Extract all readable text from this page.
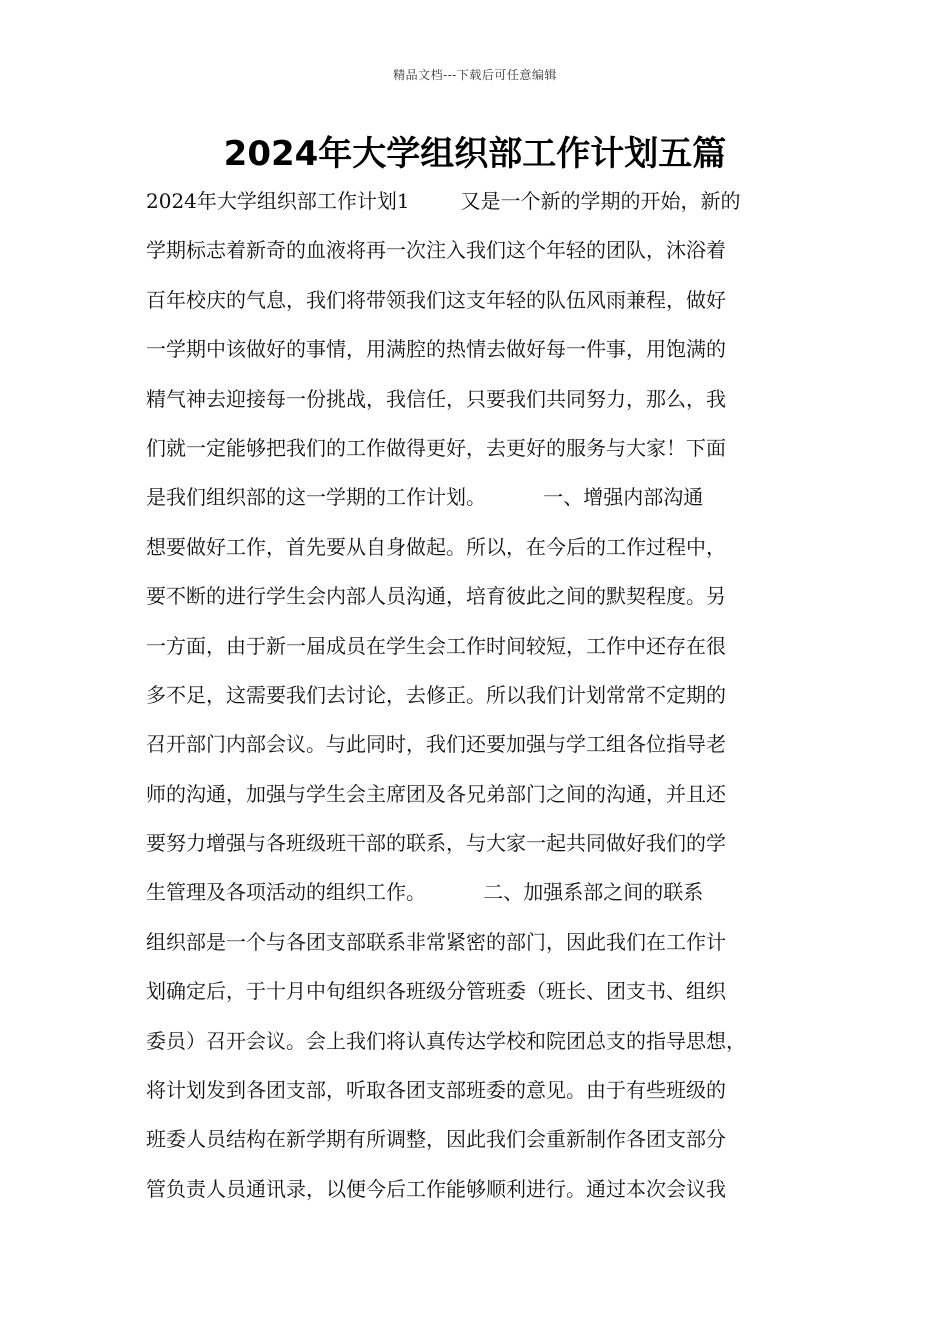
精品文档---下载后可任意编辑
2024年大学组织部工作计划五篇
2024年大学组织部工作计划1        又是一个新的学期的开始，新的
学期标志着新奇的血液将再一次注入我们这个年轻的团队，沐浴着
百年校庆的气息，我们将带领我们这支年轻的队伍风雨兼程，做好
一学期中该做好的事情，用满腔的热情去做好每一件事，用饱满的
精气神去迎接每一份挑战，我信任，只要我们共同努力，那么，我
们就一定能够把我们的工作做得更好，去更好的服务与大家！下面
是我们组织部的这一学期的工作计划。         一、增强内部沟通
想要做好工作，首先要从自身做起。所以，在今后的工作过程中，
要不断的进行学生会内部人员沟通，培育彼此之间的默契程度。另
一方面，由于新一届成员在学生会工作时间较短，工作中还存在很
多不足，这需要我们去讨论，去修正。所以我们计划常常不定期的
召开部门内部会议。与此同时，我们还要加强与学工组各位指导老
师的沟通，加强与学生会主席团及各兄弟部门之间的沟通，并且还
要努力增强与各班级班干部的联系，与大家一起共同做好我们的学
生管理及各项活动的组织工作。         二、加强系部之间的联系
组织部是一个与各团支部联系非常紧密的部门，因此我们在工作计
划确定后，于十月中旬组织各班级分管班委（班长、团支书、组织
委员）召开会议。会上我们将认真传达学校和院团总支的指导思想，
将计划发到各团支部，听取各团支部班委的意见。由于有些班级的
班委人员结构在新学期有所调整，因此我们会重新制作各团支部分
管负责人员通讯录，以便今后工作能够顺利进行。通过本次会议我
